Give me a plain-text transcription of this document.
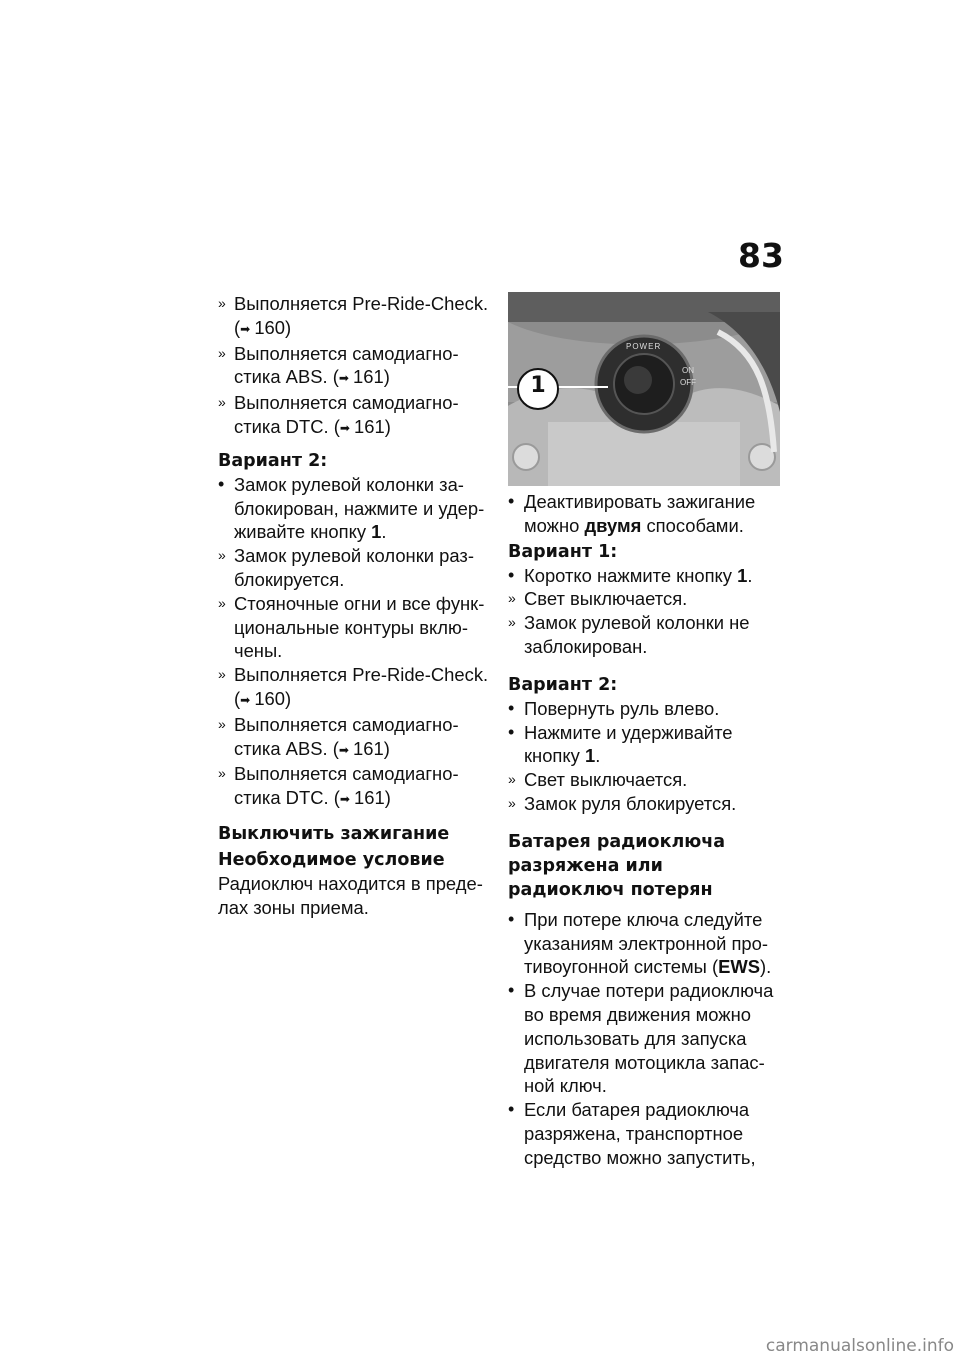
83
» Выполняется Pre-Ride-Check. (➡ 160)
» Выполняется самодиагностика ABS. (➡ 161)
» Выполняется самодиагностика DTC. (➡ 161)
Вариант 2:
• Замок рулевой колонки заблокирован, нажмите и удерживайте кнопку 1.
» Замок рулевой колонки разблокируется.
» Стояночные огни и все функциональные контуры включены.
» Выполняется Pre-Ride-Check. (➡ 160)
» Выполняется самодиагностика ABS. (➡ 161)
» Выполняется самодиагностика DTC. (➡ 161)
Выключить зажигание
Необходимое условие
Радиоключ находится в пределах зоны приема.
1
POWER
ON
OFF
• Деактивировать зажигание можно двумя способами.
Вариант 1:
• Коротко нажмите кнопку 1.
» Свет выключается.
» Замок рулевой колонки не заблокирован.
Вариант 2:
• Повернуть руль влево.
• Нажмите и удерживайте кнопку 1.
» Свет выключается.
» Замок руля блокируется.
Батарея радиоключа разряжена или радиоключ потерян
• При потере ключа следуйте указаниям электронной противоугонной системы (EWS).
• В случае потери радиоключа во время движения можно использовать для запуска двигателя мотоцикла запасной ключ.
• Если батарея радиоключа разряжена, транспортное средство можно запустить,
carmanualsonline.info
